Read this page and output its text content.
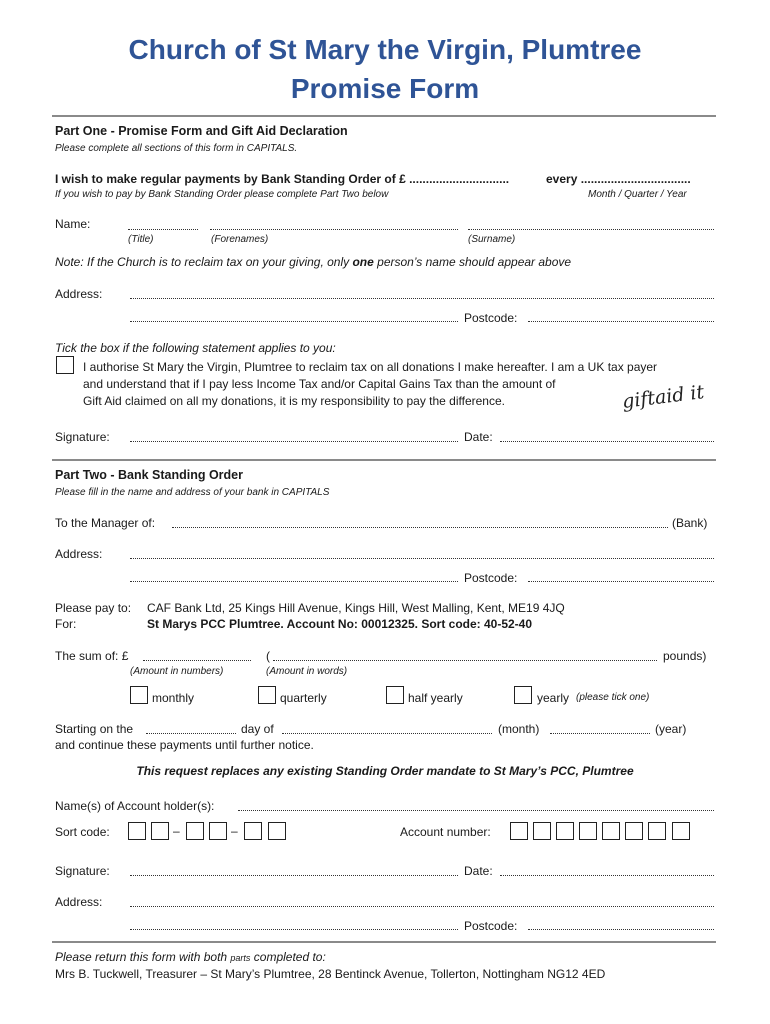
Church of St Mary the Virgin, Plumtree
Promise Form
Part One - Promise Form and Gift Aid Declaration
Please complete all sections of this form in CAPITALS.
I wish to make regular payments by Bank Standing Order of £ ..............................	every .................................
If you wish to pay by Bank Standing Order please complete Part Two below	Month / Quarter / Year
Name:
(Title)	(Forenames)	(Surname)
Note: If the Church is to reclaim tax on your giving, only one person’s name should appear above
Address:
Postcode:
Tick the box if the following statement applies to you:
I authorise St Mary the Virgin, Plumtree to reclaim tax on all donations I make hereafter. I am a UK tax payer
and understand that if I pay less Income Tax and/or Capital Gains Tax than the amount of
Gift Aid claimed on all my donations, it is my responsibility to pay the difference.	giftaid it
Signature:	Date:
Part Two - Bank Standing Order
Please fill in the name and address of your bank in CAPITALS
To the Manager of:	(Bank)
Address:
Postcode:
Please pay to: CAF Bank Ltd, 25 Kings Hill Avenue, Kings Hill, West Malling, Kent, ME19 4JQ
For:	St Marys PCC Plumtree. Account No: 00012325. Sort code: 40-52-40
The sum of: £	(	pounds)
(Amount in numbers)	(Amount in words)
monthly	quarterly	half yearly	yearly (please tick one)
Starting on the	day of	(month)	(year)
and continue these payments until further notice.
This request replaces any existing Standing Order mandate to St Mary’s PCC, Plumtree
Name(s) of Account holder(s):
Sort code:	–	–	Account number:
Signature:	Date:
Address:
Postcode:
Please return this form with both parts completed to:
Mrs B. Tuckwell, Treasurer – St Mary’s Plumtree, 28 Bentinck Avenue, Tollerton, Nottingham NG12 4ED
